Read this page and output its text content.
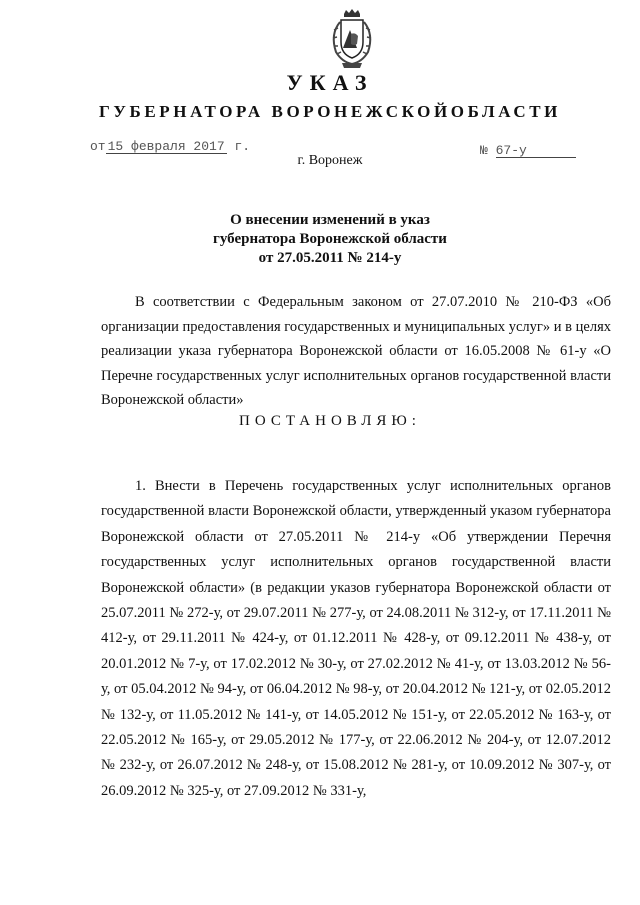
УКАЗ
ГУБЕРНАТОРА ВОРОНЕЖСКОЙОБЛАСТИ
от 15 февраля 2017 г.	№ 67-у
г. Воронеж
О внесении изменений в указ
губернатора Воронежской области
от 27.05.2011 № 214-у
В соответствии с Федеральным законом от 27.07.2010 № 210-ФЗ «Об организации предоставления государственных и муниципальных услуг» и в целях реализации указа губернатора Воронежской области от 16.05.2008 № 61-у «О Перечне государственных услуг исполнительных органов государственной власти Воронежской области»
ПОСТАНОВЛЯЮ:
1. Внести в Перечень государственных услуг исполнительных органов государственной власти Воронежской области, утвержденный указом губернатора Воронежской области от 27.05.2011 № 214-у «Об утверждении Перечня государственных услуг исполнительных органов государственной власти Воронежской области» (в редакции указов губернатора Воронежской области от 25.07.2011 № 272-у, от 29.07.2011 № 277-у, от 24.08.2011 № 312-у, от 17.11.2011 № 412-у, от 29.11.2011 № 424-у, от 01.12.2011 № 428-у, от 09.12.2011 № 438-у, от 20.01.2012 № 7-у, от 17.02.2012 № 30-у, от 27.02.2012 № 41-у, от 13.03.2012 № 56-у, от 05.04.2012 № 94-у, от 06.04.2012 № 98-у, от 20.04.2012 № 121-у, от 02.05.2012 № 132-у, от 11.05.2012 № 141-у, от 14.05.2012 № 151-у, от 22.05.2012 № 163-у, от 22.05.2012 № 165-у, от 29.05.2012 № 177-у, от 22.06.2012 № 204-у, от 12.07.2012 № 232-у, от 26.07.2012 № 248-у, от 15.08.2012 № 281-у, от 10.09.2012 № 307-у, от 26.09.2012 № 325-у, от 27.09.2012 № 331-у,
